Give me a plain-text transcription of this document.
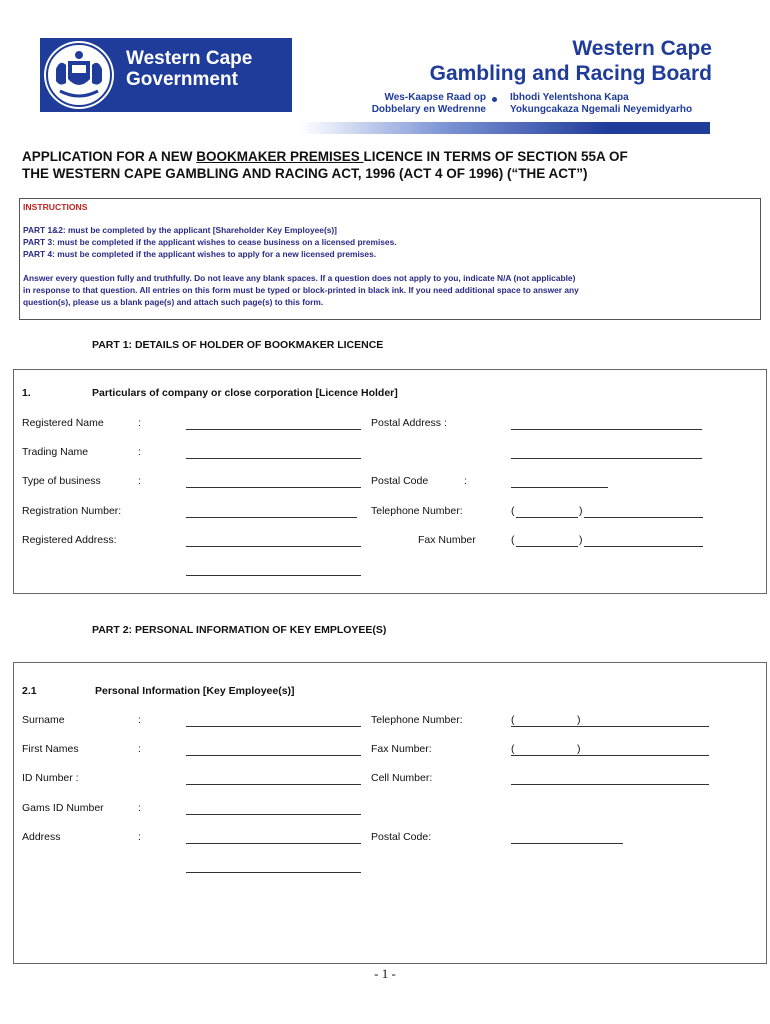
Western Cape
Government
Western Cape
Gambling and Racing Board
Wes-Kaapse Raad op
Dobbelary en Wedrenne
Ibhodi Yelentshona Kapa
Yokungcakaza Ngemali Neyemidyarho
APPLICATION FOR A NEW BOOKMAKER PREMISES LICENCE IN TERMS OF SECTION 55A OF
THE WESTERN CAPE GAMBLING AND RACING ACT, 1996 (ACT 4 OF 1996) (“THE ACT”)
INSTRUCTIONS
PART 1&2: must be completed by the applicant [Shareholder Key Employee(s)]
PART 3: must be completed if the applicant wishes to cease business on a licensed premises.
PART 4: must be completed if the applicant wishes to apply for a new licensed premises.
Answer every question fully and truthfully. Do not leave any blank spaces. If a question does not apply to you, indicate N/A (not applicable)
in response to that question. All entries on this form must be typed or block-printed in black ink. If you need additional space to answer any
question(s), please us a blank page(s) and attach such page(s) to this form.
PART 1: DETAILS OF HOLDER OF BOOKMAKER LICENCE
1.	Particulars of company or close corporation [Licence Holder]
Registered Name	:	Postal Address :
Trading Name	:
Type of business	:	Postal Code	:
Registration Number:	Telephone Number:	(	)
Registered Address:	Fax Number	(	)
PART 2: PERSONAL INFORMATION OF KEY EMPLOYEE(S)
2.1	Personal Information [Key Employee(s)]
Surname	:	Telephone Number:	(	)
First Names	:	Fax Number:	(	)
ID Number :	Cell Number:
Gams ID Number	:
Address	:	Postal Code:
- 1 -
